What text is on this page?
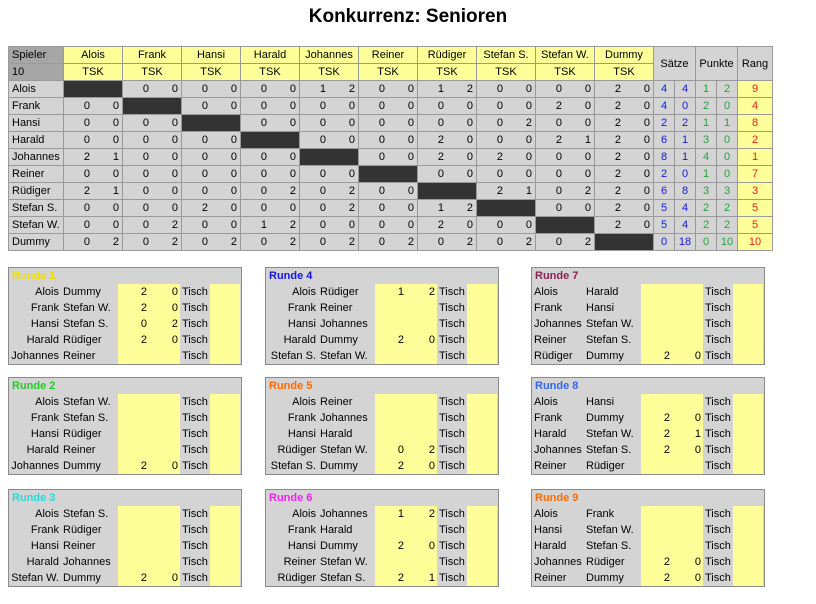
Konkurrenz: Senioren
Spieler	Alois		Frank		Hansi		Harald		Johannes		Reiner		Rüdiger		Stefan S.		Stefan W.		Dummy		Sätze		Punkte		Rang
10	TSK		TSK		TSK		TSK		TSK		TSK		TSK		TSK		TSK		TSK						
Alois			0	0	0	0	0	0	1	2	0	0	1	2	0	0	0	0	2	0	4	4	1	2	9
Frank	0	0			0	0	0	0	0	0	0	0	0	0	0	0	2	0	2	0	4	0	2	0	4
Hansi	0	0	0	0			0	0	0	0	0	0	0	0	0	2	0	0	2	0	2	2	1	1	8
Harald	0	0	0	0	0	0			0	0	0	0	2	0	0	0	2	1	2	0	6	1	3	0	2
Johannes	2	1	0	0	0	0	0	0			0	0	2	0	2	0	0	0	2	0	8	1	4	0	1
Reiner	0	0	0	0	0	0	0	0	0	0			0	0	0	0	0	0	2	0	2	0	1	0	7
Rüdiger	2	1	0	0	0	0	0	2	0	2	0	0			2	1	0	2	2	0	6	8	3	3	3
Stefan S.	0	0	0	0	2	0	0	0	0	2	0	0	1	2			0	0	2	0	5	4	2	2	5
Stefan W.	0	0	0	2	0	0	1	2	0	0	0	0	2	0	0	0			2	0	5	4	2	2	5
Dummy	0	2	0	2	0	2	0	2	0	2	0	2	0	2	0	2	0	2			0	18	0	10	10
Runde 1
Alois	Dummy	2	0	Tisch	
Frank	Stefan W.	2	0	Tisch	
Hansi	Stefan S.	0	2	Tisch	
Harald	Rüdiger	2	0	Tisch	
Johannes	Reiner			Tisch	
Runde 2
Alois	Stefan W.			Tisch	
Frank	Stefan S.			Tisch	
Hansi	Rüdiger			Tisch	
Harald	Reiner			Tisch	
Johannes	Dummy	2	0	Tisch	
Runde 3
Alois	Stefan S.			Tisch	
Frank	Rüdiger			Tisch	
Hansi	Reiner			Tisch	
Harald	Johannes			Tisch	
Stefan W.	Dummy	2	0	Tisch	
Runde 4
Alois	Rüdiger	1	2	Tisch	
Frank	Reiner			Tisch	
Hansi	Johannes			Tisch	
Harald	Dummy	2	0	Tisch	
Stefan S.	Stefan W.			Tisch	
Runde 5
Alois	Reiner			Tisch	
Frank	Johannes			Tisch	
Hansi	Harald			Tisch	
Rüdiger	Stefan W.	0	2	Tisch	
Stefan S.	Dummy	2	0	Tisch	
Runde 6
Alois	Johannes	1	2	Tisch	
Frank	Harald			Tisch	
Hansi	Dummy	2	0	Tisch	
Reiner	Stefan W.			Tisch	
Rüdiger	Stefan S.	2	1	Tisch	
Runde 7
Alois	Harald			Tisch	
Frank	Hansi			Tisch	
Johannes	Stefan W.			Tisch	
Reiner	Stefan S.			Tisch	
Rüdiger	Dummy	2	0	Tisch	
Runde 8
Alois	Hansi			Tisch	
Frank	Dummy	2	0	Tisch	
Harald	Stefan W.	2	1	Tisch	
Johannes	Stefan S.	2	0	Tisch	
Reiner	Rüdiger			Tisch	
Runde 9
Alois	Frank			Tisch	
Hansi	Stefan W.			Tisch	
Harald	Stefan S.			Tisch	
Johannes	Rüdiger	2	0	Tisch	
Reiner	Dummy	2	0	Tisch	
